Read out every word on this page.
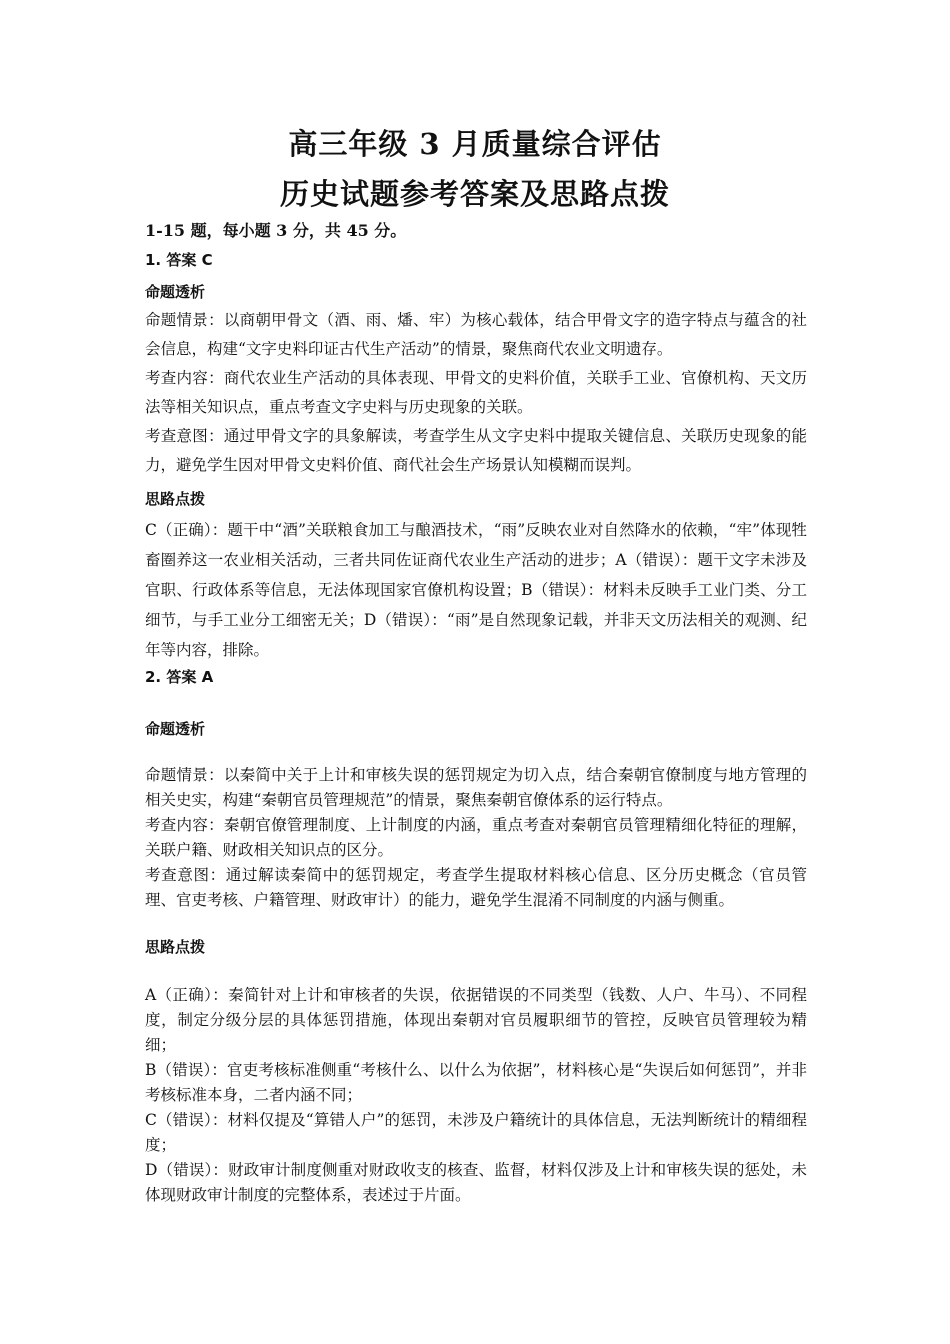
高三年级 3 月质量综合评估
历史试题参考答案及思路点拨

1-15 题，每小题 3 分，共 45 分。

1. 答案 C

命题透析

命题情景：以商朝甲骨文（酒、雨、燔、牢）为核心载体，结合甲骨文字的造字特点与蕴含的社会信息，构建“文字史料印证古代生产活动”的情景，聚焦商代农业文明遗存。

考查内容：商代农业生产活动的具体表现、甲骨文的史料价值，关联手工业、官僚机构、天文历法等相关知识点，重点考查文字史料与历史现象的关联。

考查意图：通过甲骨文字的具象解读，考查学生从文字史料中提取关键信息、关联历史现象的能力，避免学生因对甲骨文史料价值、商代社会生产场景认知模糊而误判。

思路点拨

C（正确）：题干中“酒”关联粮食加工与酿酒技术，“雨”反映农业对自然降水的依赖，“牢”体现牲畜圈养这一农业相关活动，三者共同佐证商代农业生产活动的进步；A（错误）：题干文字未涉及官职、行政体系等信息，无法体现国家官僚机构设置；B（错误）：材料未反映手工业门类、分工细节，与手工业分工细密无关；D（错误）：“雨”是自然现象记载，并非天文历法相关的观测、纪年等内容，排除。

2. 答案 A

命题透析

命题情景：以秦简中关于上计和审核失误的惩罚规定为切入点，结合秦朝官僚制度与地方管理的相关史实，构建“秦朝官员管理规范”的情景，聚焦秦朝官僚体系的运行特点。

考查内容：秦朝官僚管理制度、上计制度的内涵，重点考查对秦朝官员管理精细化特征的理解，关联户籍、财政相关知识点的区分。

考查意图：通过解读秦简中的惩罚规定，考查学生提取材料核心信息、区分历史概念（官员管理、官吏考核、户籍管理、财政审计）的能力，避免学生混淆不同制度的内涵与侧重。

思路点拨

A（正确）：秦简针对上计和审核者的失误，依据错误的不同类型（钱数、人户、牛马）、不同程度，制定分级分层的具体惩罚措施，体现出秦朝对官员履职细节的管控，反映官员管理较为精细；

B（错误）：官吏考核标准侧重“考核什么、以什么为依据”，材料核心是“失误后如何惩罚”，并非考核标准本身，二者内涵不同；

C（错误）：材料仅提及“算错人户”的惩罚，未涉及户籍统计的具体信息，无法判断统计的精细程度；

D（错误）：财政审计制度侧重对财政收支的核查、监督，材料仅涉及上计和审核失误的惩处，未体现财政审计制度的完整体系，表述过于片面。
